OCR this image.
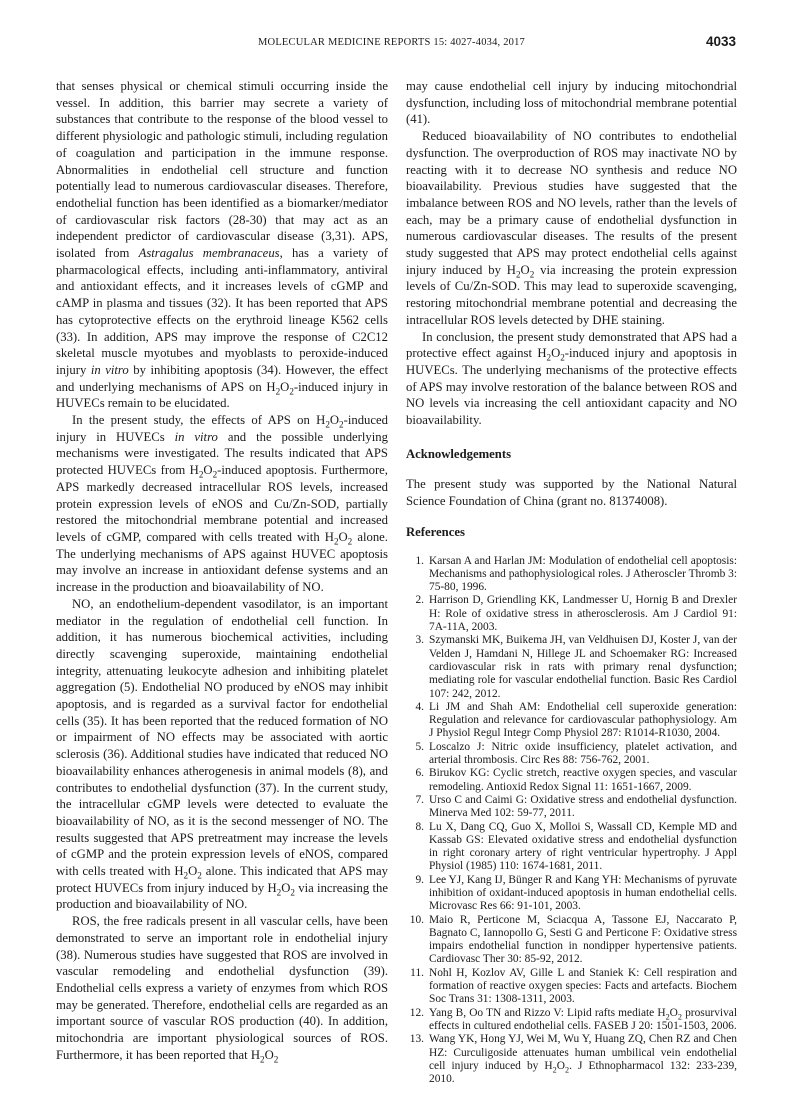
MOLECULAR MEDICINE REPORTS 15: 4027-4034, 2017	4033

that senses physical or chemical stimuli occurring inside the vessel. In addition, this barrier may secrete a variety of substances that contribute to the response of the blood vessel to different physiologic and pathologic stimuli, including regulation of coagulation and participation in the immune response. Abnormalities in endothelial cell structure and function potentially lead to numerous cardiovascular diseases. Therefore, endothelial function has been identified as a biomarker/mediator of cardiovascular risk factors (28-30) that may act as an independent predictor of cardiovascular disease (3,31). APS, isolated from Astragalus membranaceus, has a variety of pharmacological effects, including anti-inflammatory, antiviral and antioxidant effects, and it increases levels of cGMP and cAMP in plasma and tissues (32). It has been reported that APS has cytoprotective effects on the erythroid lineage K562 cells (33). In addition, APS may improve the response of C2C12 skeletal muscle myotubes and myoblasts to peroxide-induced injury in vitro by inhibiting apoptosis (34). However, the effect and underlying mechanisms of APS on $H_2O_2$-induced injury in HUVECs remain to be elucidated.

In the present study, the effects of APS on $H_2O_2$-induced injury in HUVECs in vitro and the possible underlying mechanisms were investigated. The results indicated that APS protected HUVECs from $H_2O_2$-induced apoptosis. Furthermore, APS markedly decreased intracellular ROS levels, increased protein expression levels of eNOS and Cu/Zn-SOD, partially restored the mitochondrial membrane potential and increased levels of cGMP, compared with cells treated with $H_2O_2$ alone. The underlying mechanisms of APS against HUVEC apoptosis may involve an increase in antioxidant defense systems and an increase in the production and bioavailability of NO.

NO, an endothelium-dependent vasodilator, is an important mediator in the regulation of endothelial cell function. In addition, it has numerous biochemical activities, including directly scavenging superoxide, maintaining endothelial integrity, attenuating leukocyte adhesion and inhibiting platelet aggregation (5). Endothelial NO produced by eNOS may inhibit apoptosis, and is regarded as a survival factor for endothelial cells (35). It has been reported that the reduced formation of NO or impairment of NO effects may be associated with aortic sclerosis (36). Additional studies have indicated that reduced NO bioavailability enhances atherogenesis in animal models (8), and contributes to endothelial dysfunction (37). In the current study, the intracellular cGMP levels were detected to evaluate the bioavailability of NO, as it is the second messenger of NO. The results suggested that APS pretreatment may increase the levels of cGMP and the protein expression levels of eNOS, compared with cells treated with $H_2O_2$ alone. This indicated that APS may protect HUVECs from injury induced by $H_2O_2$ via increasing the production and bioavailability of NO.

ROS, the free radicals present in all vascular cells, have been demonstrated to serve an important role in endothelial injury (38). Numerous studies have suggested that ROS are involved in vascular remodeling and endothelial dysfunction (39). Endothelial cells express a variety of enzymes from which ROS may be generated. Therefore, endothelial cells are regarded as an important source of vascular ROS production (40). In addition, mitochondria are important physiological sources of ROS. Furthermore, it has been reported that $H_2O_2$

may cause endothelial cell injury by inducing mitochondrial dysfunction, including loss of mitochondrial membrane potential (41).

Reduced bioavailability of NO contributes to endothelial dysfunction. The overproduction of ROS may inactivate NO by reacting with it to decrease NO synthesis and reduce NO bioavailability. Previous studies have suggested that the imbalance between ROS and NO levels, rather than the levels of each, may be a primary cause of endothelial dysfunction in numerous cardiovascular diseases. The results of the present study suggested that APS may protect endothelial cells against injury induced by $H_2O_2$ via increasing the protein expression levels of Cu/Zn-SOD. This may lead to superoxide scavenging, restoring mitochondrial membrane potential and decreasing the intracellular ROS levels detected by DHE staining.

In conclusion, the present study demonstrated that APS had a protective effect against $H_2O_2$-induced injury and apoptosis in HUVECs. The underlying mechanisms of the protective effects of APS may involve restoration of the balance between ROS and NO levels via increasing the cell antioxidant capacity and NO bioavailability.

Acknowledgements

The present study was supported by the National Natural Science Foundation of China (grant no. 81374008).

References

1. Karsan A and Harlan JM: Modulation of endothelial cell apoptosis: Mechanisms and pathophysiological roles. J Atheroscler Thromb 3: 75-80, 1996.
2. Harrison D, Griendling KK, Landmesser U, Hornig B and Drexler H: Role of oxidative stress in atherosclerosis. Am J Cardiol 91: 7A-11A, 2003.
3. Szymanski MK, Buikema JH, van Veldhuisen DJ, Koster J, van der Velden J, Hamdani N, Hillege JL and Schoemaker RG: Increased cardiovascular risk in rats with primary renal dysfunction; mediating role for vascular endothelial function. Basic Res Cardiol 107: 242, 2012.
4. Li JM and Shah AM: Endothelial cell superoxide generation: Regulation and relevance for cardiovascular pathophysiology. Am J Physiol Regul Integr Comp Physiol 287: R1014-R1030, 2004.
5. Loscalzo J: Nitric oxide insufficiency, platelet activation, and arterial thrombosis. Circ Res 88: 756-762, 2001.
6. Birukov KG: Cyclic stretch, reactive oxygen species, and vascular remodeling. Antioxid Redox Signal 11: 1651-1667, 2009.
7. Urso C and Caimi G: Oxidative stress and endothelial dysfunction. Minerva Med 102: 59-77, 2011.
8. Lu X, Dang CQ, Guo X, Molloi S, Wassall CD, Kemple MD and Kassab GS: Elevated oxidative stress and endothelial dysfunction in right coronary artery of right ventricular hypertrophy. J Appl Physiol (1985) 110: 1674-1681, 2011.
9. Lee YJ, Kang IJ, Bünger R and Kang YH: Mechanisms of pyruvate inhibition of oxidant-induced apoptosis in human endothelial cells. Microvasc Res 66: 91-101, 2003.
10. Maio R, Perticone M, Sciacqua A, Tassone EJ, Naccarato P, Bagnato C, Iannopollo G, Sesti G and Perticone F: Oxidative stress impairs endothelial function in nondipper hypertensive patients. Cardiovasc Ther 30: 85-92, 2012.
11. Nohl H, Kozlov AV, Gille L and Staniek K: Cell respiration and formation of reactive oxygen species: Facts and artefacts. Biochem Soc Trans 31: 1308-1311, 2003.
12. Yang B, Oo TN and Rizzo V: Lipid rafts mediate $H_2O_2$ prosurvival effects in cultured endothelial cells. FASEB J 20: 1501-1503, 2006.
13. Wang YK, Hong YJ, Wei M, Wu Y, Huang ZQ, Chen RZ and Chen HZ: Curculigoside attenuates human umbilical vein endothelial cell injury induced by $H_2O_2$. J Ethnopharmacol 132: 233-239, 2010.
